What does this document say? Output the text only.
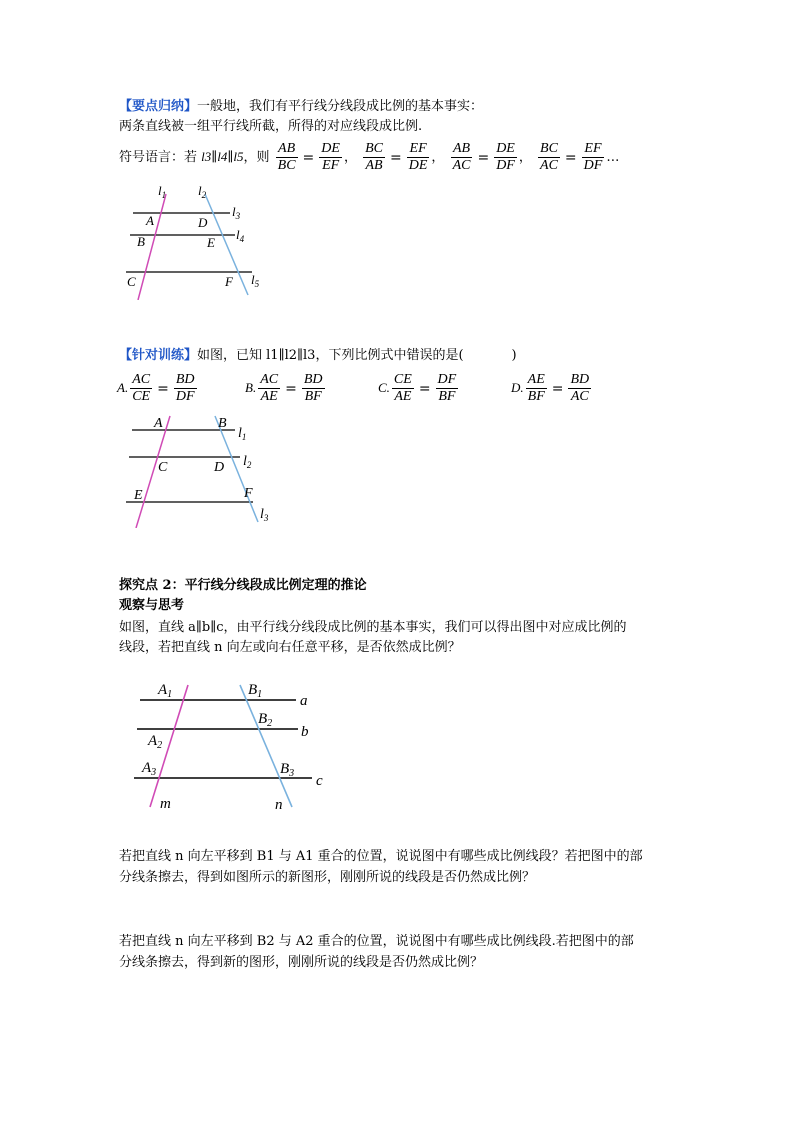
【要点归纳】一般地，我们有平行线分线段成比例的基本事实：
两条直线被一组平行线所截，所得的对应线段成比例.
符号语言：若 l3∥l4∥l5，则 $\frac{AB}{BC} = \frac{DE}{EF}$ ， $\frac{BC}{AB} = \frac{EF}{DE}$ ， $\frac{AB}{AC} = \frac{DE}{DF}$ ， $\frac{BC}{AC} = \frac{EF}{DF}$ …
$l_1$ $l_2$
$l_3$
$l_4$
$l_5$
A
B
C
D
E
F
【针对训练】如图，已知 l1∥l2∥l3，下列比例式中错误的是(	)
A. $\frac{AC}{CE} = \frac{BD}{DF}$	B. $\frac{AC}{AE} = \frac{BD}{BF}$	C. $\frac{CE}{AE} = \frac{DF}{BF}$	D. $\frac{AE}{BF} = \frac{BD}{AC}$
A	B
C	D
E	F
$l_1$
$l_2$
$l_3$
探究点 2：平行线分线段成比例定理的推论
观察与思考
如图，直线 a∥b∥c，由平行线分线段成比例的基本事实，我们可以得出图中对应成比例的
线段，若把直线 n 向左或向右任意平移，是否依然成比例？
$A_1$	$B_1$
$B_2$
$A_2$
$A_3$	$B_3$
a
b
c
m	n
若把直线 n 向左平移到 B1 与 A1 重合的位置，说说图中有哪些成比例线段？若把图中的部
分线条擦去，得到如图所示的新图形，刚刚所说的线段是否仍然成比例？
若把直线 n 向左平移到 B2 与 A2 重合的位置，说说图中有哪些成比例线段.若把图中的部
分线条擦去，得到新的图形，刚刚所说的线段是否仍然成比例？
